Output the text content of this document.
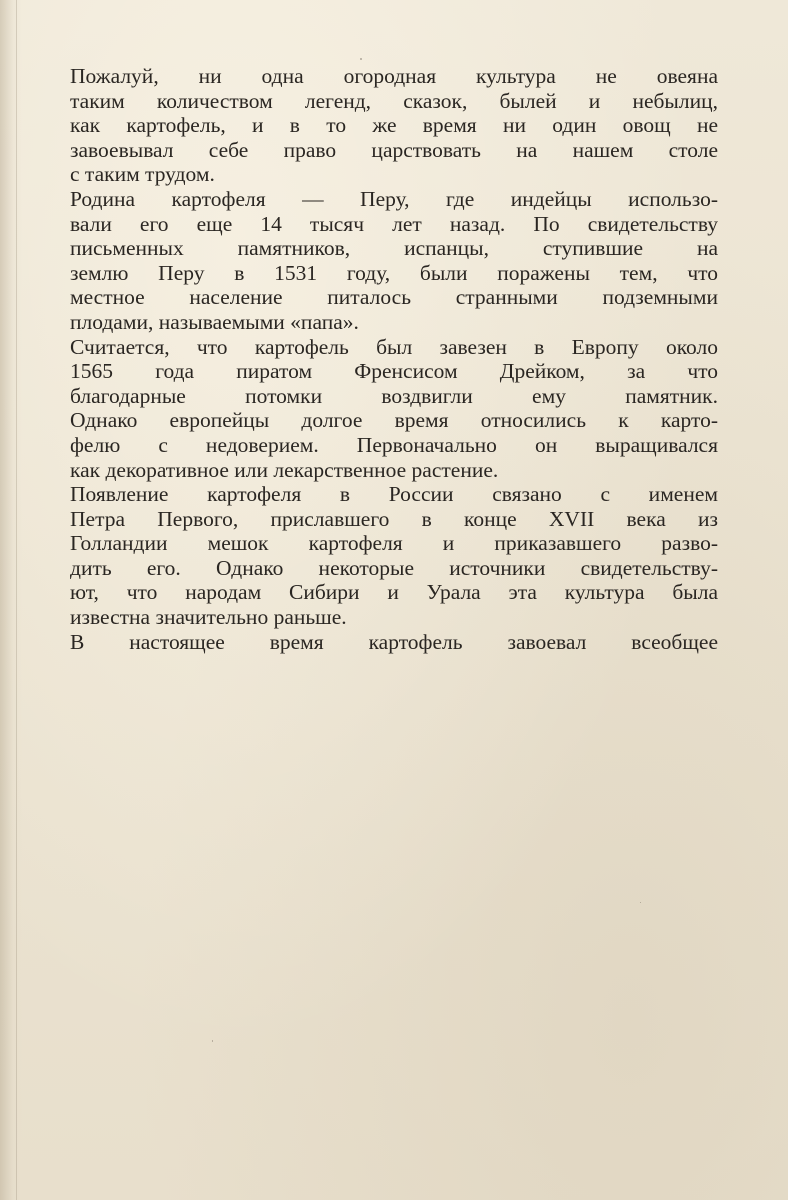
Пожалуй, ни одна огородная культура не овеяна
таким количеством легенд, сказок, былей и небылиц,
как картофель, и в то же время ни один овощ не
завоевывал себе право царствовать на нашем столе
с таким трудом.
Родина картофеля — Перу, где индейцы использо-
вали его еще 14 тысяч лет назад. По свидетельству
письменных памятников, испанцы, ступившие на
землю Перу в 1531 году, были поражены тем, что
местное население питалось странными подземными
плодами, называемыми «папа».
Считается, что картофель был завезен в Европу около
1565 года пиратом Френсисом Дрейком, за что
благодарные потомки воздвигли ему памятник.
Однако европейцы долгое время относились к карто-
фелю с недоверием. Первоначально он выращивался
как декоративное или лекарственное растение.
Появление картофеля в России связано с именем
Петра Первого, приславшего в конце XVII века из
Голландии мешок картофеля и приказавшего разво-
дить его. Однако некоторые источники свидетельству-
ют, что народам Сибири и Урала эта культура была
известна значительно раньше.
В настоящее время картофель завоевал всеобщее
